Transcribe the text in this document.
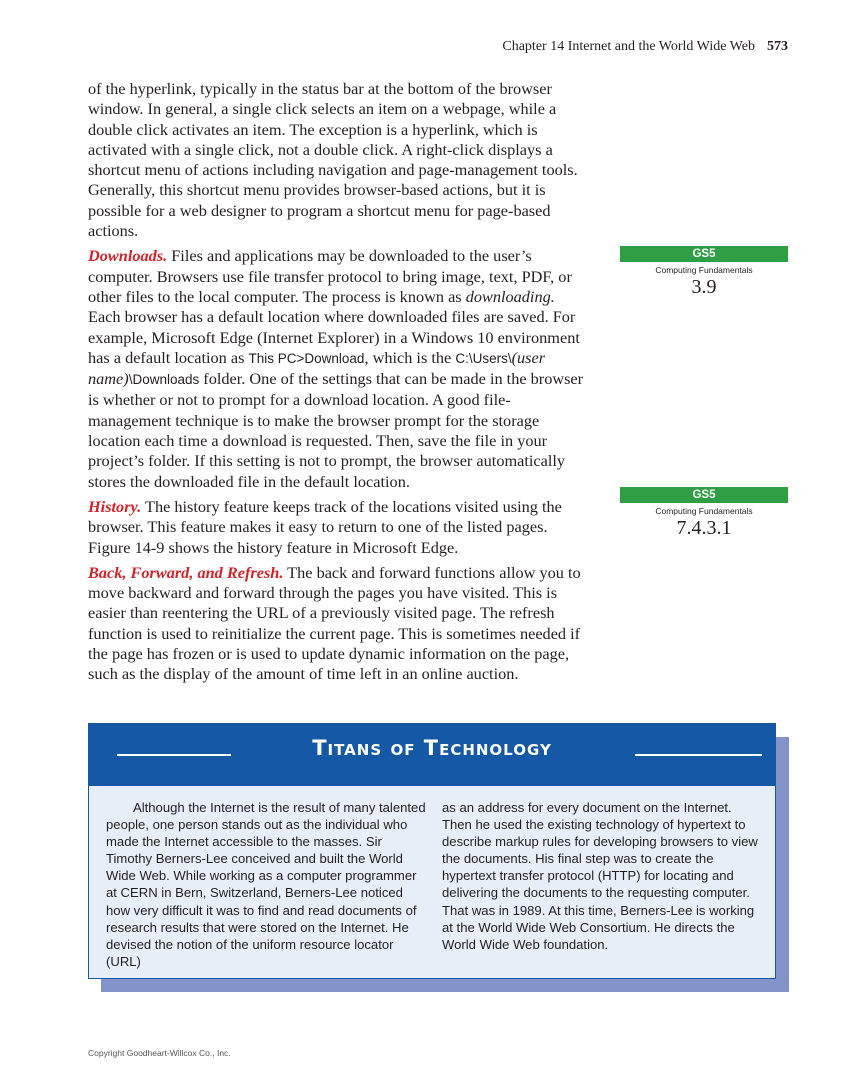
Chapter 14 Internet and the World Wide Web 573

of the hyperlink, typically in the status bar at the bottom of the browser window. In general, a single click selects an item on a webpage, while a double click activates an item. The exception is a hyperlink, which is activated with a single click, not a double click. A right-click displays a shortcut menu of actions including navigation and page-management tools. Generally, this shortcut menu provides browser-based actions, but it is possible for a web designer to program a shortcut menu for page-based actions.

Downloads. Files and applications may be downloaded to the user’s computer. Browsers use file transfer protocol to bring image, text, PDF, or other files to the local computer. The process is known as downloading. Each browser has a default location where downloaded files are saved. For example, Microsoft Edge (Internet Explorer) in a Windows 10 environment has a default location as This PC>Download, which is the C:\Users\(user name)\Downloads folder. One of the settings that can be made in the browser is whether or not to prompt for a download location. A good file-management technique is to make the browser prompt for the storage location each time a download is requested. Then, save the file in your project’s folder. If this setting is not to prompt, the browser automatically stores the downloaded file in the default location.

History. The history feature keeps track of the locations visited using the browser. This feature makes it easy to return to one of the listed pages. Figure 14-9 shows the history feature in Microsoft Edge.

Back, Forward, and Refresh. The back and forward functions allow you to move backward and forward through the pages you have visited. This is easier than reentering the URL of a previously visited page. The refresh function is used to reinitialize the current page. This is sometimes needed if the page has frozen or is used to update dynamic information on the page, such as the display of the amount of time left in an online auction.

GS5
Computing Fundamentals
3.9
GS5
Computing Fundamentals
7.4.3.1
Titans of Technology
Although the Internet is the result of many talented people, one person stands out as the individual who made the Internet accessible to the masses. Sir Timothy Berners-Lee conceived and built the World Wide Web. While working as a computer programmer at CERN in Bern, Switzerland, Berners-Lee noticed how very difficult it was to find and read documents of research results that were stored on the Internet. He devised the notion of the uniform resource locator (URL)
as an address for every document on the Internet. Then he used the existing technology of hypertext to describe markup rules for developing browsers to view the documents. His final step was to create the hypertext transfer protocol (HTTP) for locating and delivering the documents to the requesting computer. That was in 1989. At this time, Berners-Lee is working at the World Wide Web Consortium. He directs the World Wide Web foundation.
Copyright Goodheart-Willcox Co., Inc.
